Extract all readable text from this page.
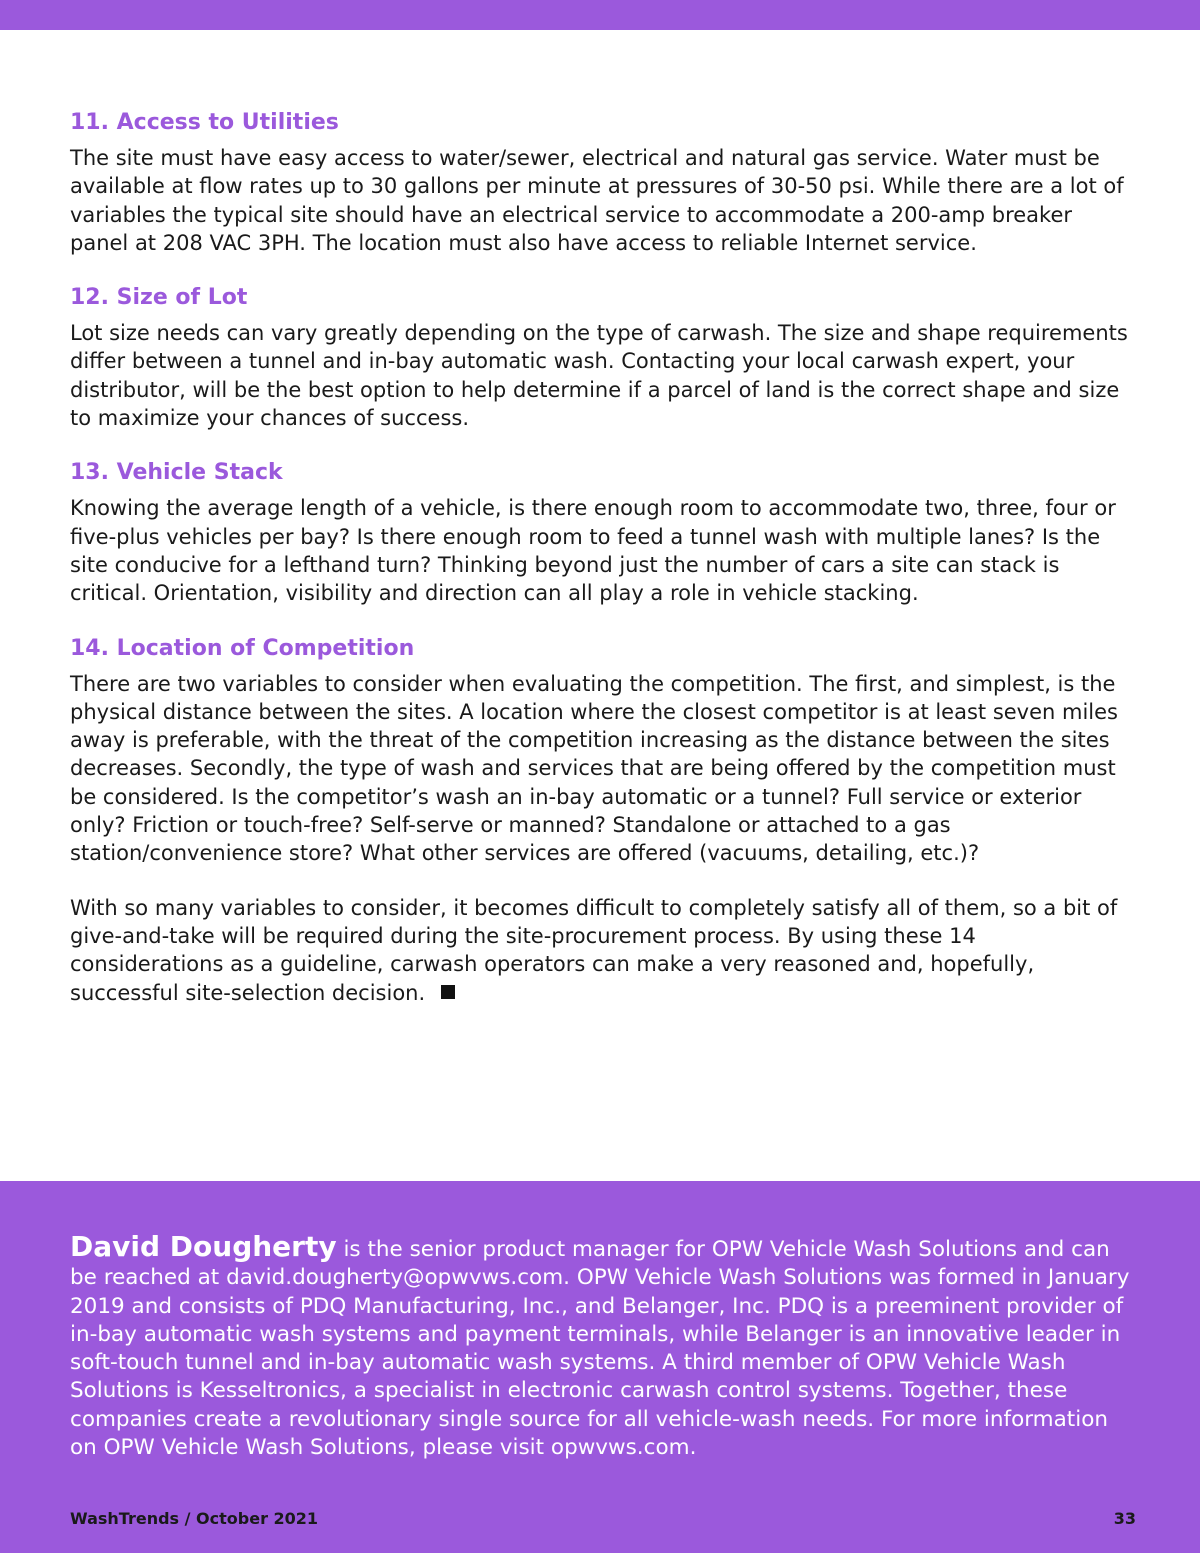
11. Access to Utilities

The site must have easy access to water/sewer, electrical and natural gas service. Water must be available at flow rates up to 30 gallons per minute at pressures of 30-50 psi. While there are a lot of variables the typical site should have an electrical service to accommodate a 200-amp breaker panel at 208 VAC 3PH. The location must also have access to reliable Internet service.

12. Size of Lot

Lot size needs can vary greatly depending on the type of carwash. The size and shape requirements differ between a tunnel and in-bay automatic wash. Contacting your local carwash expert, your distributor, will be the best option to help determine if a parcel of land is the correct shape and size to maximize your chances of success.

13. Vehicle Stack

Knowing the average length of a vehicle, is there enough room to accommodate two, three, four or five-plus vehicles per bay? Is there enough room to feed a tunnel wash with multiple lanes? Is the site conducive for a lefthand turn? Thinking beyond just the number of cars a site can stack is critical. Orientation, visibility and direction can all play a role in vehicle stacking.

14. Location of Competition

There are two variables to consider when evaluating the competition. The first, and simplest, is the physical distance between the sites. A location where the closest competitor is at least seven miles away is preferable, with the threat of the competition increasing as the distance between the sites decreases. Secondly, the type of wash and services that are being offered by the competition must be considered. Is the competitor’s wash an in-bay automatic or a tunnel? Full service or exterior only? Friction or touch-free? Self-serve or manned? Standalone or attached to a gas station/convenience store? What other services are offered (vacuums, detailing, etc.)?

With so many variables to consider, it becomes difficult to completely satisfy all of them, so a bit of give-and-take will be required during the site-procurement process. By using these 14 considerations as a guideline, carwash operators can make a very reasoned and, hopefully, successful site-selection decision.

David Dougherty is the senior product manager for OPW Vehicle Wash Solutions and can be reached at david.dougherty@opwvws.com. OPW Vehicle Wash Solutions was formed in January 2019 and consists of PDQ Manufacturing, Inc., and Belanger, Inc. PDQ is a preeminent provider of in-bay automatic wash systems and payment terminals, while Belanger is an innovative leader in soft-touch tunnel and in-bay automatic wash systems. A third member of OPW Vehicle Wash Solutions is Kesseltronics, a specialist in electronic carwash control systems. Together, these companies create a revolutionary single source for all vehicle-wash needs. For more information on OPW Vehicle Wash Solutions, please visit opwvws.com.

WashTrends / October 2021	33
